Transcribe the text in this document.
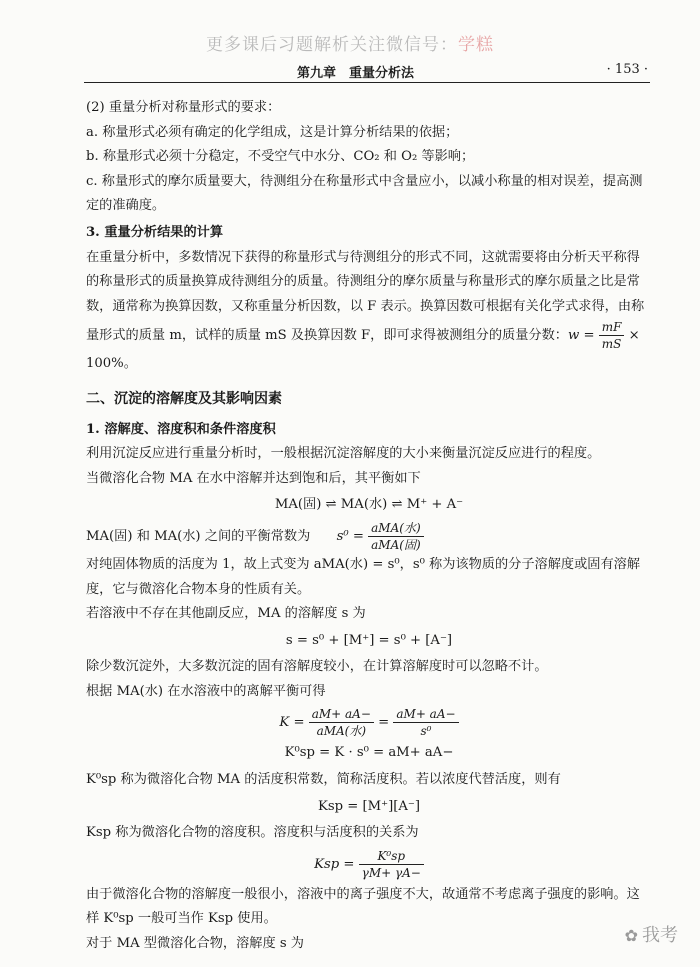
更多课后习题解析关注微信号：学糕
第九章　重量分析法	· 153 ·

(2) 重量分析对称量形式的要求：

a. 称量形式必须有确定的化学组成，这是计算分析结果的依据；

b. 称量形式必须十分稳定，不受空气中水分、CO₂ 和 O₂ 等影响；

c. 称量形式的摩尔质量要大，待测组分在称量形式中含量应小，以减小称量的相对误差，提高测定的准确度。

3. 重量分析结果的计算

在重量分析中，多数情况下获得的称量形式与待测组分的形式不同，这就需要将由分析天平称得的称量形式的质量换算成待测组分的质量。待测组分的摩尔质量与称量形式的摩尔质量之比是常数，通常称为换算因数，又称重量分析因数，以 F 表示。换算因数可根据有关化学式求得，由称量形式的质量 m，试样的质量 mS 及换算因数 F，即可求得被测组分的质量分数：$w = \frac{mF}{mS} \times 100\%$。

二、沉淀的溶解度及其影响因素

1. 溶解度、溶度积和条件溶度积

利用沉淀反应进行重量分析时，一般根据沉淀溶解度的大小来衡量沉淀反应进行的程度。

当微溶化合物 MA 在水中溶解并达到饱和后，其平衡如下

MA(固) ⇌ MA(水) ⇌ M⁺ + A⁻

MA(固) 和 MA(水) 之间的平衡常数为　　 $s^0 = \frac{\text{aMA(水)}}{\text{aMA(固)}}$

对纯固体物质的活度为 1，故上式变为 aMA(水) = s⁰，s⁰ 称为该物质的分子溶解度或固有溶解度，它与微溶化合物本身的性质有关。

若溶液中不存在其他副反应，MA 的溶解度 s 为

s = s⁰ + [M⁺] = s⁰ + [A⁻]

除少数沉淀外，大多数沉淀的固有溶解度较小，在计算溶解度时可以忽略不计。

根据 MA(水) 在水溶液中的离解平衡可得

$K = \frac{aM+ aA-}{\text{aMA(水)}} = \frac{aM+ aA-}{\text{s⁰}}$

K⁰sp = K · s⁰ = aM+ aA−

K⁰sp 称为微溶化合物 MA 的活度积常数，简称活度积。若以浓度代替活度，则有

Ksp = [M⁺][A⁻]

Ksp 称为微溶化合物的溶度积。溶度积与活度积的关系为

Ksp = $\frac{\text{K⁰sp}}{\gamma M+ \gamma A-}$

由于微溶化合物的溶解度一般很小，溶液中的离子强度不大，故通常不考虑离子强度的影响。这样 K⁰sp 一般可当作 Ksp 使用。

对于 MA 型微溶化合物，溶解度 s 为	✿ 我考
